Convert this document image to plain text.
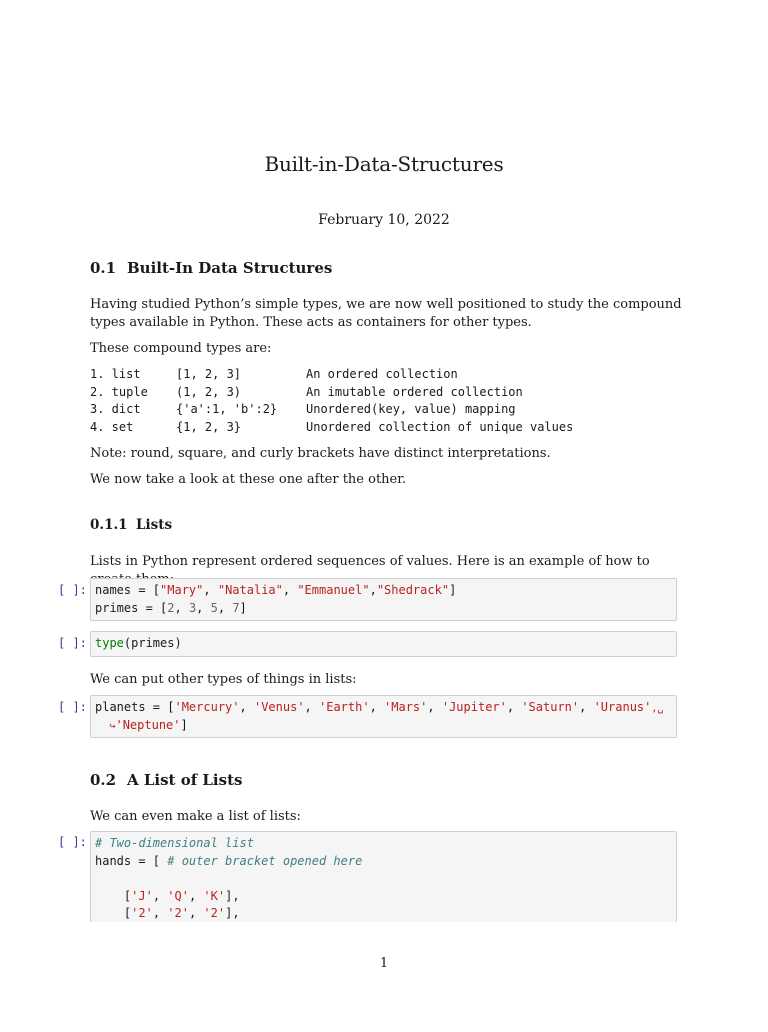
Built-in-Data-Structures
February 10, 2022
0.1 Built-In Data Structures
Having studied Python’s simple types, we are now well positioned to study the compound types available in Python. These acts as containers for other types.
These compound types are:
1. list	[1, 2, 3]	An ordered collection
2. tuple (1, 2, 3)	An imutable ordered collection
3. dict	{'a':1, 'b':2} Unordered(key, value) mapping
4. set	{1, 2, 3}	Unordered collection of unique values
Note: round, square, and curly brackets have distinct interpretations.
We now take a look at these one after the other.
0.1.1 Lists
Lists in Python represent ordered sequences of values. Here is an example of how to
[ ]: names = ["Mary", "Natalia", "Emmanuel","Shedrack"]
primes = [2, 3, 5, 7]
[ ]: type(primes)
We can put other types of things in lists:
[ ]: planets = ['Mercury', 'Venus', 'Earth', 'Mars', 'Jupiter', 'Saturn', 'Uranus',␣
↪'Neptune']
0.2 A List of Lists
We can even make a list of lists:
[ ]: # Two-dimensional list
hands = [ # outer bracket opened here
['J', 'Q', 'K'],
['2', '2', '2'],
1
